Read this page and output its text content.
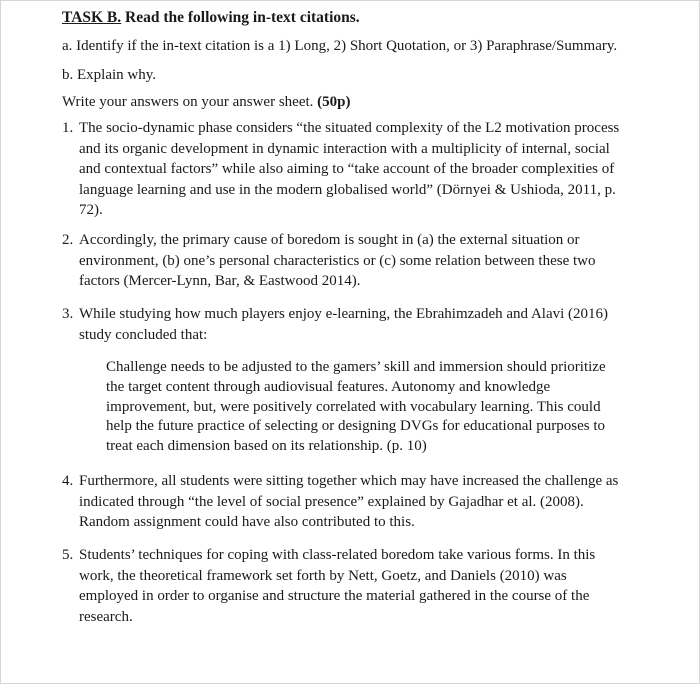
TASK B. Read the following in-text citations.
a. Identify if the in-text citation is a 1) Long, 2) Short Quotation, or 3) Paraphrase/Summary.
b. Explain why.
Write your answers on your answer sheet. (50p)
1. The socio-dynamic phase considers “the situated complexity of the L2 motivation process
and its organic development in dynamic interaction with a multiplicity of internal, social
and contextual factors” while also aiming to “take account of the broader complexities of
language learning and use in the modern globalised world” (Dörnyei & Ushioda, 2011, p.
72).
2. Accordingly, the primary cause of boredom is sought in (a) the external situation or
environment, (b) one’s personal characteristics or (c) some relation between these two
factors (Mercer-Lynn, Bar, & Eastwood 2014).
3. While studying how much players enjoy e-learning, the Ebrahimzadeh and Alavi (2016)
study concluded that:
Challenge needs to be adjusted to the gamers’ skill and immersion should prioritize
the target content through audiovisual features. Autonomy and knowledge
improvement, but, were positively correlated with vocabulary learning. This could
help the future practice of selecting or designing DVGs for educational purposes to
treat each dimension based on its relationship. (p. 10)
4. Furthermore, all students were sitting together which may have increased the challenge as
indicated through “the level of social presence” explained by Gajadhar et al. (2008).
Random assignment could have also contributed to this.
5. Students’ techniques for coping with class-related boredom take various forms. In this
work, the theoretical framework set forth by Nett, Goetz, and Daniels (2010) was
employed in order to organise and structure the material gathered in the course of the
research.
